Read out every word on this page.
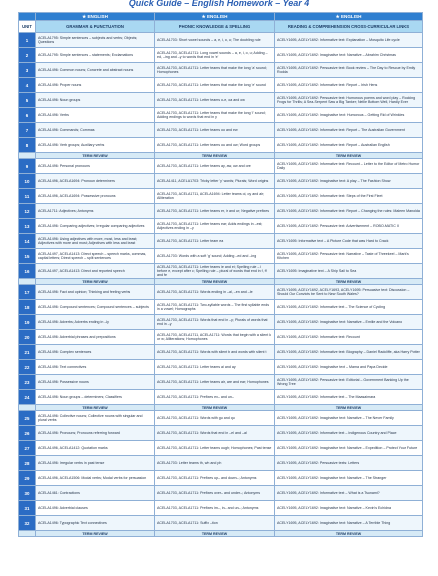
Quick Guide – English Homework – Year 4
	★ ENGLISH	★ ENGLISH	★ ENGLISH
UNIT	GRAMMAR & PUNCTUATION	PHONIC KNOWLEDGE & SPELLING	READING & COMPREHENSION CROSS-CURRICULAR LINKS
1	ACELA1795: Simple sentences – subjects and verbs; Objects; Questions	ACELA1703: Short vowel sounds – a, e, i, o, u; The doubling rule	ACELY1695, ACELY1692: Informative text: Explanation – Mosquito Life cycle
2	ACELA1795: Simple sentences – statements; Exclamations	ACELA1703, ACELA1711: Long vowel sounds – a, e, i, o, u; Adding –ed, –ing and –y to words that end in 'e'	ACELY1695, ACELY1692: Imaginative text: Narrative – Abrahim Christmas
3	ACELA1496: Common nouns; Concrete and abstract nouns	ACELA1703, ACELA1711: Letter teams that make the long 'a' sound; Homophones	ACELY1695, ACELY1692: Persuasive text: Book review – The Day to Rescue by Emily Rodda
4	ACELA1496: Proper nouns	ACELA1703, ACELA1711: Letter teams that make the long 'e' sound	ACELY1695, ACELY1692: Informative text: Report – Irish Hens
5	ACELA1496: Noun groups	ACELA1703, ACELA1711: Letter teams o-e, oa and ow	ACELY1695, ACELY1692: Persuasive text: Humorous poems and word play – Rocking Frogs for Thrills; A Sea-Serpent Saw a Big Tanker; Nellie Bottom Well, Hardly Ever
6	ACELA1496: Verbs	ACELA1703, ACELA1711: Letter teams that make the long 'i' sound; Adding endings to words that end in y	ACELY1695, ACELY1692: Imaginative text: Humorous – Getting Rid of Wrinkles
7	ACELA1496: Commands; Commas	ACELA1703, ACELA1711: Letter teams oo and ew	ACELY1695, ACELY1692: Informative text: Report – The Australian Government
8	ACELA1496: Verb groups; Auxiliary verbs	ACELA1703, ACELA1711: Letter teams ou and ow; Word groups	ACELY1695, ACELY1692: Informative text: Report – Australian English
	TERM REVIEW	TERM REVIEW	TERM REVIEW
9	ACELA1496: Personal pronouns	ACELA1703, ACELA1711: Letter teams ay, aw, ow and ore	ACELY1695, ACELY1692: Informative text: Recount – Letter to the Editor of Metro Humor Daily
10	ACELA1496, ACELA1694: Pronoun determiners	ACELA1411, ACELA1703: Tricky letter 'y' words; Plurals; Word origins	ACELY1695, ACELY1692: Imaginative text: A play – The Fashion Show
11	ACELA1496, ACELA1694: Possessive pronouns	ACELA1703, ACELA1711, ACELA1694: Letter teams oi, oy and air; Alliteration	ACELY1695, ACELY1692: Informative text: Steps of the First Fleet
12	ACELA1711: Adjectives; Antonyms	ACELA1703, ACELA1711: Letter teams er, ir and ur; Negative prefixes	ACELY1695, ACELY1692: Informative text: Report – Changing the rules: Maleen Manolda
13	ACELA1496: Comparing adjectives; Irregular comparing adjectives	ACELA1703, ACELA1711: Letter teams ear; Adds endings in –est; Adjectives ending in –y	ACELY1695, ACELY1692: Persuasive text: Advertisement – ROBO-MATIC II
14	ACELA1496: Using adjectives with more, most, less and least; Adjectives with more and most; Adjectives with less and least	ACELA1703, ACELA1711: Letter team ea	ACELY1695: Informative text – A Picture Code that was Hard to Crack
15	ACELA1497, ACELA1413: Direct speech – speech marks, commas, capital letters; Direct speech – split sentences	ACELA1703: Words with a soft 'g' sound; Adding –ed and –ing	ACELY1695, ACELY1692: Persuasive text: Narrative – Taste of Threekeel – Mark's Kitchen
16	ACELA1497, ACELA1413: Direct and reported speech	ACELA1703, ACELA1711: Letter teams ie and ei; Spelling rule – i before e, except after c; Spelling rule – plural of words that end in f, ff and fe	ACELY1695: Imaginative text – A Ship Sail to Sea
	TERM REVIEW	TERM REVIEW	TERM REVIEW
17	ACELA1496: Fact and opinion; Thinking and feeling verbs	ACELA1703, ACELA1711: Words ending in –al, –en and –le	ACELY1695, ACELY1692, ACELY1693, ACELY1695: Persuasive text: Discussion – Should Our Convicts be Sent to New South Wales?
18	ACELA1496: Compound sentences; Compound sentences – subjects	ACELA1703, ACELA1711: Two-syllable words – The first syllable ends in a vowel; Homographs	ACELY1695, ACELY1692: Informative text – The Science of Cycling
19	ACELA1496: Adverbs; Adverbs ending in –ly	ACELA1703, ACELA1711: Words that end in –y; Plurals of words that end in –y	ACELY1695, ACELY1692: Imaginative text: Narrative – Emilie and the Volcano
20	ACELA1496: Adverbial phrases and prepositions	ACELA1703, ACELA1711, ACELA1711: Words that begin with a silent k or w; Alliterations; Homophones	ACELY1695, ACELY1692: Informative text: Recount
21	ACELA1496: Complex sentences	ACELA1703, ACELA1711: Words with silent b and words with silent t	ACELY1695, ACELY1692: Informative text: Biography – Daniel Radcliffe, aka Harry Potter
22	ACELA1496: Text connectives	ACELA1703, ACELA1711: Letter teams ai and ay	ACELY1695, ACELY1692: Imaginative text – Mama and Papa Decide
23	ACELA1496: Possessive nouns	ACELA1703, ACELA1711: Letter teams air, are and ear; Homophones	ACELY1695, ACELY1692: Persuasive text: Editorial – Government Banking Up the Wrong Tree
24	ACELA1496: Noun groups – determiners; Classifiers	ACELA1703, ACELA1711: Prefixes ex– and un–	ACELY1695, ACELY1692: Informative text – The Maasaimara
	TERM REVIEW	TERM REVIEW	TERM REVIEW
25	ACELA1496: Collective nouns; Collective nouns with singular and plural verbs	ACELA1703, ACELA1711: Words with gu and qu	ACELY1695, ACELY1692: Imaginative text: Narrative – The Never Family
26	ACELA1496: Pronouns; Pronouns referring forward	ACELA1703, ACELA1711: Words that end in –el and –al	ACELY1695, ACELY1692: Informative text – Indigenous Country and Place
27	ACELA1496, ACELA1412: Quotation marks	ACELA1703, ACELA1711: Letter teams ough; Homophones; Past tense	ACELY1695, ACELY1692: Imaginative text: Narrative – Expedition – Protect Your Future
28	ACELA1496: Irregular verbs in past tense	ACELA1703: Letter teams th, wh and ph	ACELY1695, ACELY1692: Persuasive texts: Letters
29	ACELA1496, ACELA1506: Modal verbs; Modal verbs for persuasion	ACELA1703, ACELA1711: Prefixes up– and down–; Antonyms	ACELY1695, ACELY1692: Imaginative text: Narrative – The Stranger
30	ACELA1461: Contractions	ACELA1703, ACELA1711: Prefixes over– and under–; Antonyms	ACELY1695, ACELY1692: Informative text – What is a Tsunami?
31	ACELA1496: Adverbial clauses	ACELA1703, ACELA1711: Prefixes im–, in– and un–; Antonyms	ACELY1695, ACELY1692: Imaginative text: Narrative – Kevin's Echidna
32	ACELA1496: Typographic Text connectives	ACELA1703, ACELA1711: Suffix –tion	ACELY1695, ACELY1692: Imaginative text: Narrative – A Terrible Thing
	TERM REVIEW	TERM REVIEW	TERM REVIEW
